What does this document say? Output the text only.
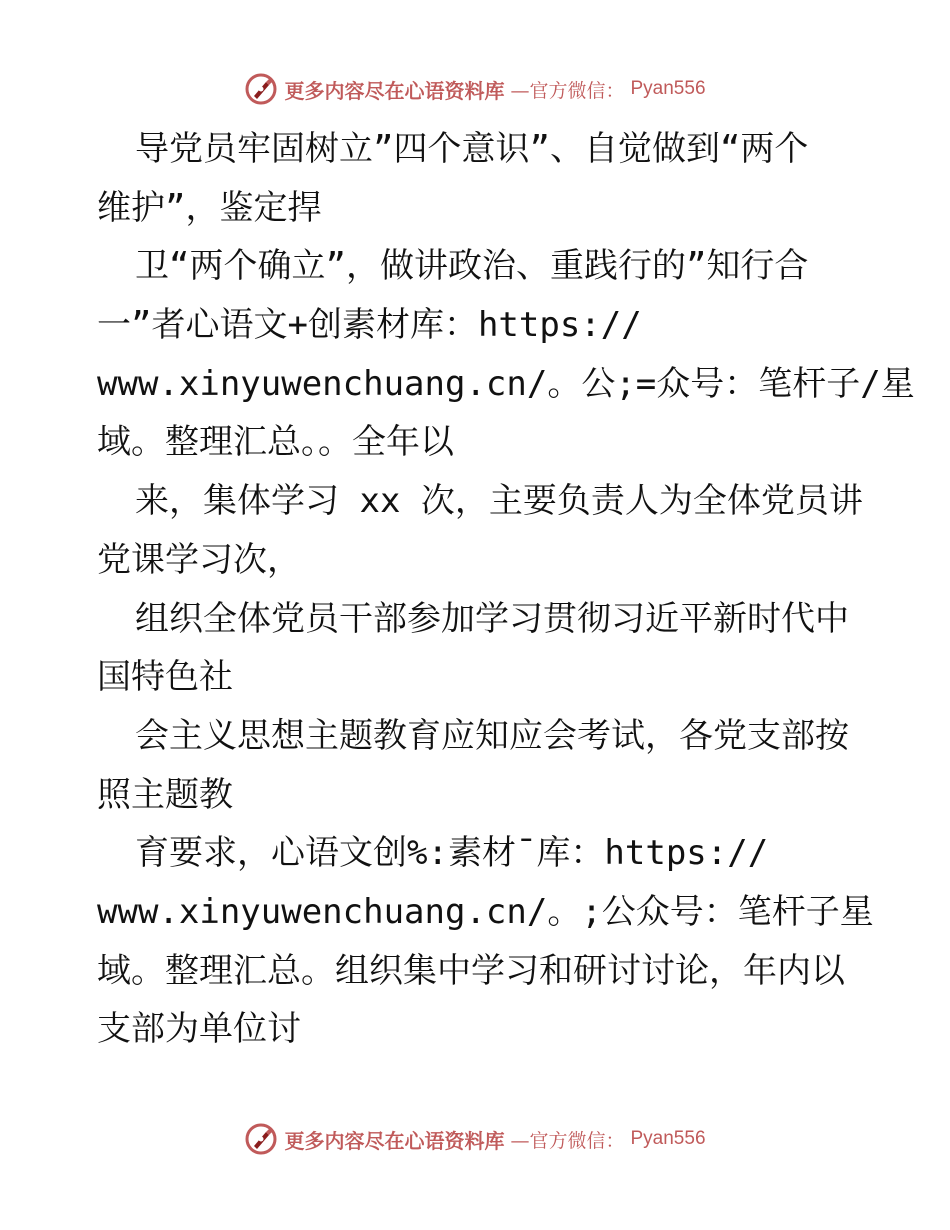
更多内容尽在心语资料库 —官方微信： Pyan556
导党员牢固树立”四个意识”、自觉做到“两个
维护”，鉴定捍
卫“两个确立”，做讲政治、重践行的”知行合
一”者心语文+创素材库：https://
www.xinyuwenchuang.cn/。公;=众号：笔杆子/星
域。整理汇总。。全年以
来，集体学习 xx 次，主要负责人为全体党员讲
党课学习次，
组织全体党员干部参加学习贯彻习近平新时代中
国特色社
会主义思想主题教育应知应会考试，各党支部按
照主题教
育要求，心语文创%:素材¯库：https://
www.xinyuwenchuang.cn/。;公众号：笔杆子星
域。整理汇总。组织集中学习和研讨讨论，年内以
支部为单位讨
更多内容尽在心语资料库 —官方微信： Pyan556
